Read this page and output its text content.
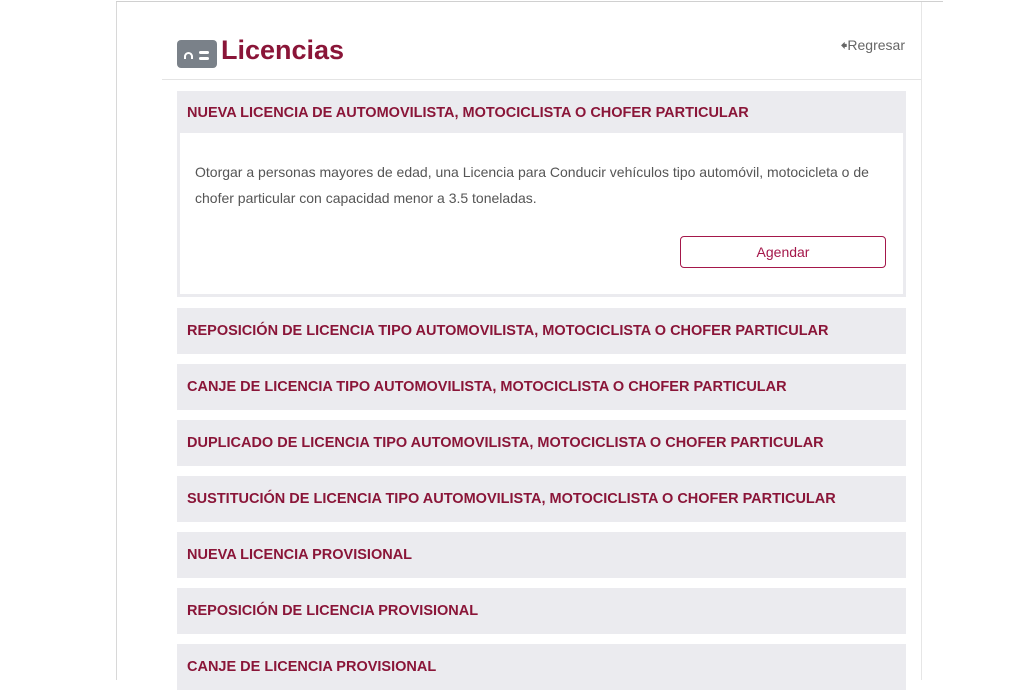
Licencias	🠸Regresar
NUEVA LICENCIA DE AUTOMOVILISTA, MOTOCICLISTA O CHOFER PARTICULAR
Otorgar a personas mayores de edad, una Licencia para Conducir vehículos tipo automóvil, motocicleta o de chofer particular con capacidad menor a 3.5 toneladas.
Agendar
REPOSICIÓN DE LICENCIA TIPO AUTOMOVILISTA, MOTOCICLISTA O CHOFER PARTICULAR
CANJE DE LICENCIA TIPO AUTOMOVILISTA, MOTOCICLISTA O CHOFER PARTICULAR
DUPLICADO DE LICENCIA TIPO AUTOMOVILISTA, MOTOCICLISTA O CHOFER PARTICULAR
SUSTITUCIÓN DE LICENCIA TIPO AUTOMOVILISTA, MOTOCICLISTA O CHOFER PARTICULAR
NUEVA LICENCIA PROVISIONAL
REPOSICIÓN DE LICENCIA PROVISIONAL
CANJE DE LICENCIA PROVISIONAL
